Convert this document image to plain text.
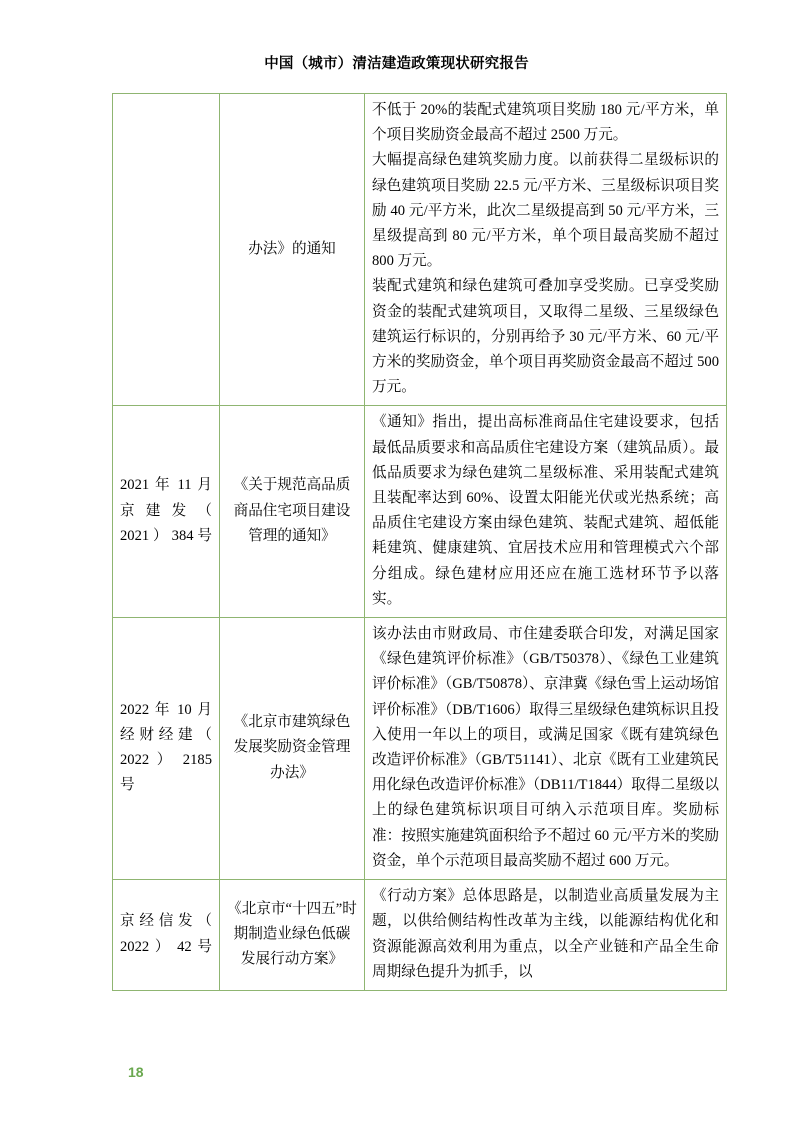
中国（城市）清洁建造政策现状研究报告
	办法》的通知	不低于 20%的装配式建筑项目奖励 180 元/平方米，单个项目奖励资金最高不超过 2500 万元。

大幅提高绿色建筑奖励力度。以前获得二星级标识的绿色建筑项目奖励 22.5 元/平方米、三星级标识项目奖励 40 元/平方米，此次二星级提高到 50 元/平方米，三星级提高到 80 元/平方米，单个项目最高奖励不超过 800 万元。

装配式建筑和绿色建筑可叠加享受奖励。已享受奖励资金的装配式建筑项目，又取得二星级、三星级绿色建筑运行标识的，分别再给予 30 元/平方米、60 元/平方米的奖励资金，单个项目再奖励资金最高不超过 500 万元。

2021 年 11 月 京 建 发 （ 2021 ） 384 号	《关于规范高品质商品住宅项目建设管理的通知》	《通知》指出，提出高标准商品住宅建设要求，包括最低品质要求和高品质住宅建设方案（建筑品质）。最低品质要求为绿色建筑二星级标准、采用装配式建筑且装配率达到 60%、设置太阳能光伏或光热系统；高品质住宅建设方案由绿色建筑、装配式建筑、超低能耗建筑、健康建筑、宜居技术应用和管理模式六个部分组成。绿色建材应用还应在施工选材环节予以落实。

2022 年 10 月 经 财 经 建 （ 2022 ） 2185 号	《北京市建筑绿色发展奖励资金管理办法》	该办法由市财政局、市住建委联合印发，对满足国家《绿色建筑评价标准》（GB/T50378）、《绿色工业建筑评价标准》（GB/T50878）、京津冀《绿色雪上运动场馆评价标准》（DB/T1606）取得三星级绿色建筑标识且投入使用一年以上的项目，或满足国家《既有建筑绿色改造评价标准》（GB/T51141）、北京《既有工业建筑民用化绿色改造评价标准》（DB11/T1844）取得二星级以上的绿色建筑标识项目可纳入示范项目库。奖励标准：按照实施建筑面积给予不超过 60 元/平方米的奖励资金，单个示范项目最高奖励不超过 600 万元。

京 经 信 发 （ 2022 ） 42 号	《北京市“十四五”时期制造业绿色低碳发展行动方案》	《行动方案》总体思路是，以制造业高质量发展为主题，以供给侧结构性改革为主线，以能源结构优化和资源能源高效利用为重点，以全产业链和产品全生命周期绿色提升为抓手，以

18
